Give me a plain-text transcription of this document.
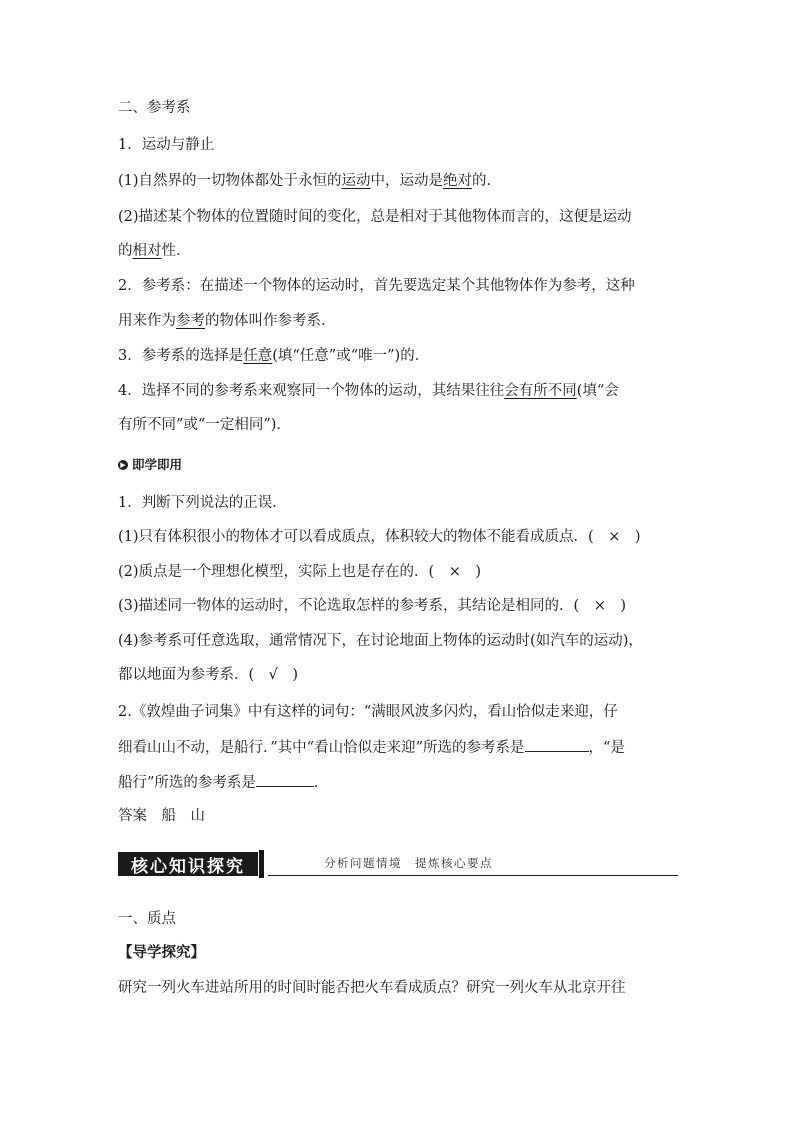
二、参考系
1．运动与静止
(1)自然界的一切物体都处于永恒的运动中，运动是绝对的．
(2)描述某个物体的位置随时间的变化，总是相对于其他物体而言的，这便是运动
的相对性．
2．参考系：在描述一个物体的运动时，首先要选定某个其他物体作为参考，这种
用来作为参考的物体叫作参考系．
3．参考系的选择是任意(填“任意”或“唯一”)的．
4．选择不同的参考系来观察同一个物体的运动，其结果往往会有所不同(填“会
有所不同”或“一定相同”)．
▶ 即学即用
1．判断下列说法的正误．
(1)只有体积很小的物体才可以看成质点，体积较大的物体不能看成质点．(　×　)
(2)质点是一个理想化模型，实际上也是存在的．(　×　)
(3)描述同一物体的运动时，不论选取怎样的参考系，其结论是相同的．(　×　)
(4)参考系可任意选取，通常情况下，在讨论地面上物体的运动时(如汽车的运动)，
都以地面为参考系．(　√　)
2.《敦煌曲子词集》中有这样的词句：“满眼风波多闪灼，看山恰似走来迎，仔
细看山山不动，是船行．”其中“看山恰似走来迎”所选的参考系是	，“是
船行”所选的参考系是	．
答案　船　山
核心知识探究	分析问题情境　提炼核心要点
一、质点
【导学探究】
研究一列火车进站所用的时间时能否把火车看成质点？研究一列火车从北京开往
